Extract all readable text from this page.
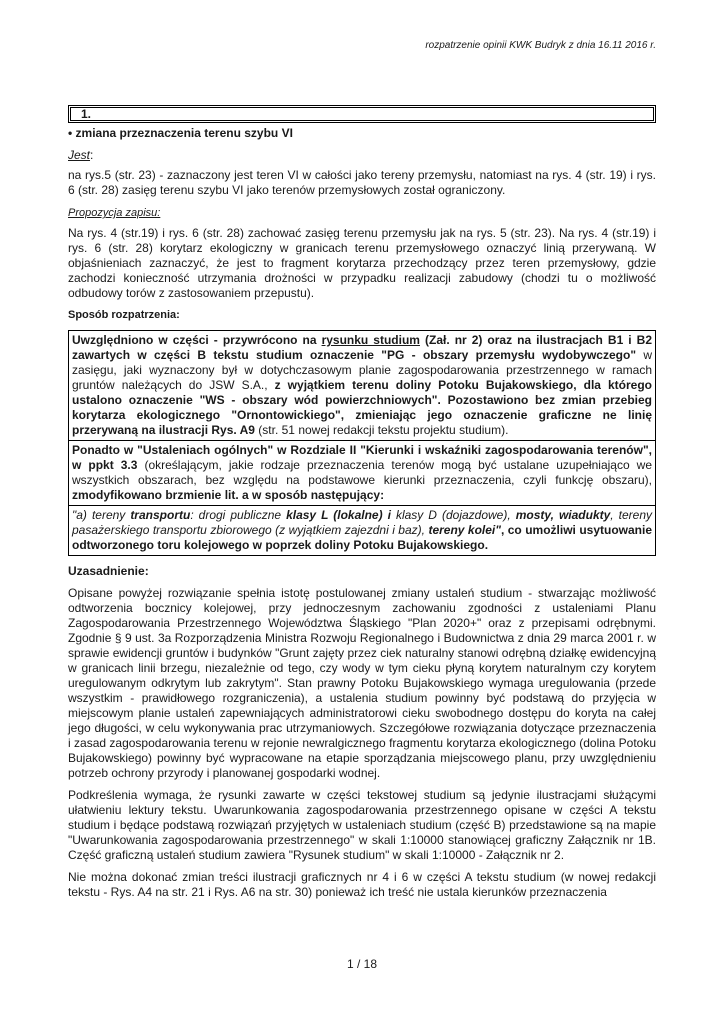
rozpatrzenie opinii KWK Budryk z dnia 16.11 2016 r.
1.

• zmiana przeznaczenia terenu szybu VI

Jest:

na rys.5 (str. 23) - zaznaczony jest teren VI w całości jako tereny przemysłu, natomiast na rys. 4 (str. 19) i rys. 6 (str. 28) zasięg terenu szybu VI jako terenów przemysłowych został ograniczony.

Propozycja zapisu:

Na rys. 4 (str.19) i rys. 6 (str. 28) zachować zasięg terenu przemysłu jak na rys. 5 (str. 23). Na rys. 4 (str.19) i rys. 6 (str. 28) korytarz ekologiczny w granicach terenu przemysłowego oznaczyć linią przerywaną. W objaśnieniach zaznaczyć, że jest to fragment korytarza przechodzący przez teren przemysłowy, gdzie zachodzi konieczność utrzymania drożności w przypadku realizacji zabudowy (chodzi tu o możliwość odbudowy torów z zastosowaniem przepustu).

Sposób rozpatrzenia:

Uwzględniono w części - przywrócono na rysunku studium (Zał. nr 2) oraz na ilustracjach B1 i B2 zawartych w części B tekstu studium oznaczenie "PG - obszary przemysłu wydobywczego" w zasięgu, jaki wyznaczony był w dotychczasowym planie zagospodarowania przestrzennego w ramach gruntów należących do JSW S.A., z wyjątkiem terenu doliny Potoku Bujakowskiego, dla którego ustalono oznaczenie "WS - obszary wód powierzchniowych". Pozostawiono bez zmian przebieg korytarza ekologicznego "Ornontowickiego", zmieniając jego oznaczenie graficzne ne linię przerywaną na ilustracji Rys. A9 (str. 51 nowej redakcji tekstu projektu studium).
Ponadto w "Ustaleniach ogólnych" w Rozdziale II "Kierunki i wskaźniki zagospodarowania terenów", w ppkt 3.3 (określającym, jakie rodzaje przeznaczenia terenów mogą być ustalane uzupełniająco we wszystkich obszarach, bez względu na podstawowe kierunki przeznaczenia, czyli funkcję obszaru), zmodyfikowano brzmienie lit. a w sposób następujący:
"a) tereny transportu: drogi publiczne klasy L (lokalne) i klasy D (dojazdowe), mosty, wiadukty, tereny pasażerskiego transportu zbiorowego (z wyjątkiem zajezdni i baz), tereny kolei", co umożliwi usytuowanie odtworzonego toru kolejowego w poprzek doliny Potoku Bujakowskiego.

Uzasadnienie:

Opisane powyżej rozwiązanie spełnia istotę postulowanej zmiany ustaleń studium - stwarzając możliwość odtworzenia bocznicy kolejowej, przy jednoczesnym zachowaniu zgodności z ustaleniami Planu Zagospodarowania Przestrzennego Województwa Śląskiego "Plan 2020+" oraz z przepisami odrębnymi. Zgodnie § 9 ust. 3a Rozporządzenia Ministra Rozwoju Regionalnego i Budownictwa z dnia 29 marca 2001 r. w sprawie ewidencji gruntów i budynków "Grunt zajęty przez ciek naturalny stanowi odrębną działkę ewidencyjną w granicach linii brzegu, niezależnie od tego, czy wody w tym cieku płyną korytem naturalnym czy korytem uregulowanym odkrytym lub zakrytym". Stan prawny Potoku Bujakowskiego wymaga uregulowania (przede wszystkim - prawidłowego rozgraniczenia), a ustalenia studium powinny być podstawą do przyjęcia w miejscowym planie ustaleń zapewniających administratorowi cieku swobodnego dostępu do koryta na całej jego długości, w celu wykonywania prac utrzymaniowych. Szczegółowe rozwiązania dotyczące przeznaczenia i zasad zagospodarowania terenu w rejonie newralgicznego fragmentu korytarza ekologicznego (dolina Potoku Bujakowskiego) powinny być wypracowane na etapie sporządzania miejscowego planu, przy uwzględnieniu potrzeb ochrony przyrody i planowanej gospodarki wodnej.

Podkreślenia wymaga, że rysunki zawarte w części tekstowej studium są jedynie ilustracjami służącymi ułatwieniu lektury tekstu. Uwarunkowania zagospodarowania przestrzennego opisane w części A tekstu studium i będące podstawą rozwiązań przyjętych w ustaleniach studium (część B) przedstawione są na mapie "Uwarunkowania zagospodarowania przestrzennego" w skali 1:10000 stanowiącej graficzny Załącznik nr 1B. Część graficzną ustaleń studium zawiera "Rysunek studium" w skali 1:10000 - Załącznik nr 2.

Nie można dokonać zmian treści ilustracji graficznych nr 4 i 6 w części A tekstu studium (w nowej redakcji tekstu - Rys. A4 na str. 21 i Rys. A6 na str. 30) ponieważ ich treść nie ustala kierunków przeznaczenia

1 / 18
